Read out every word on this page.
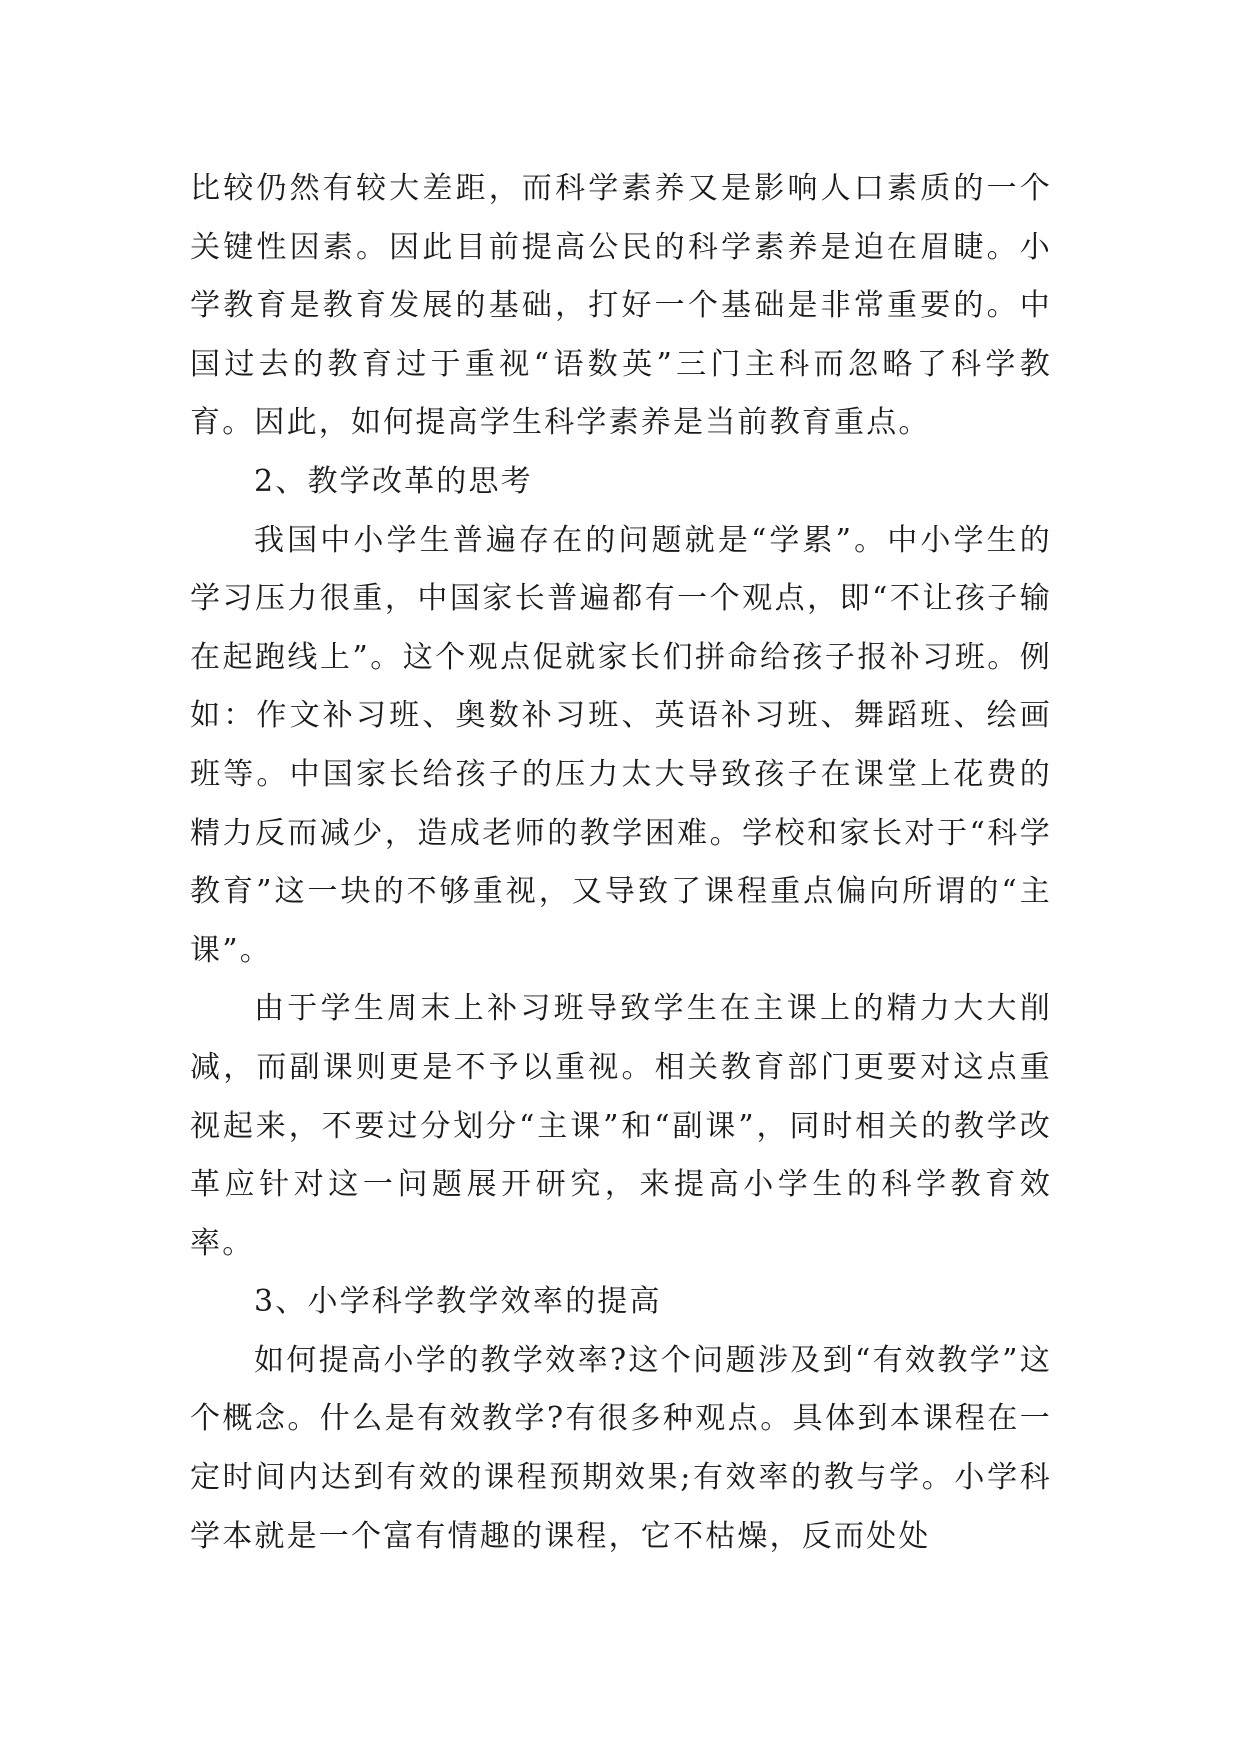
比较仍然有较大差距，而科学素养又是影响人口素质的一个关键性因素。因此目前提高公民的科学素养是迫在眉睫。小学教育是教育发展的基础，打好一个基础是非常重要的。中国过去的教育过于重视“语数英”三门主科而忽略了科学教育。因此，如何提高学生科学素养是当前教育重点。

2、教学改革的思考

我国中小学生普遍存在的问题就是“学累”。中小学生的学习压力很重，中国家长普遍都有一个观点，即“不让孩子输在起跑线上”。这个观点促就家长们拼命给孩子报补习班。例如：作文补习班、奥数补习班、英语补习班、舞蹈班、绘画班等。中国家长给孩子的压力太大导致孩子在课堂上花费的精力反而减少，造成老师的教学困难。学校和家长对于“科学教育”这一块的不够重视，又导致了课程重点偏向所谓的“主课”。

由于学生周末上补习班导致学生在主课上的精力大大削减，而副课则更是不予以重视。相关教育部门更要对这点重视起来，不要过分划分“主课”和“副课”，同时相关的教学改革应针对这一问题展开研究，来提高小学生的科学教育效率。

3、小学科学教学效率的提高

如何提高小学的教学效率?这个问题涉及到“有效教学”这个概念。什么是有效教学?有很多种观点。具体到本课程在一定时间内达到有效的课程预期效果;有效率的教与学。小学科学本就是一个富有情趣的课程，它不枯燥，反而处处
